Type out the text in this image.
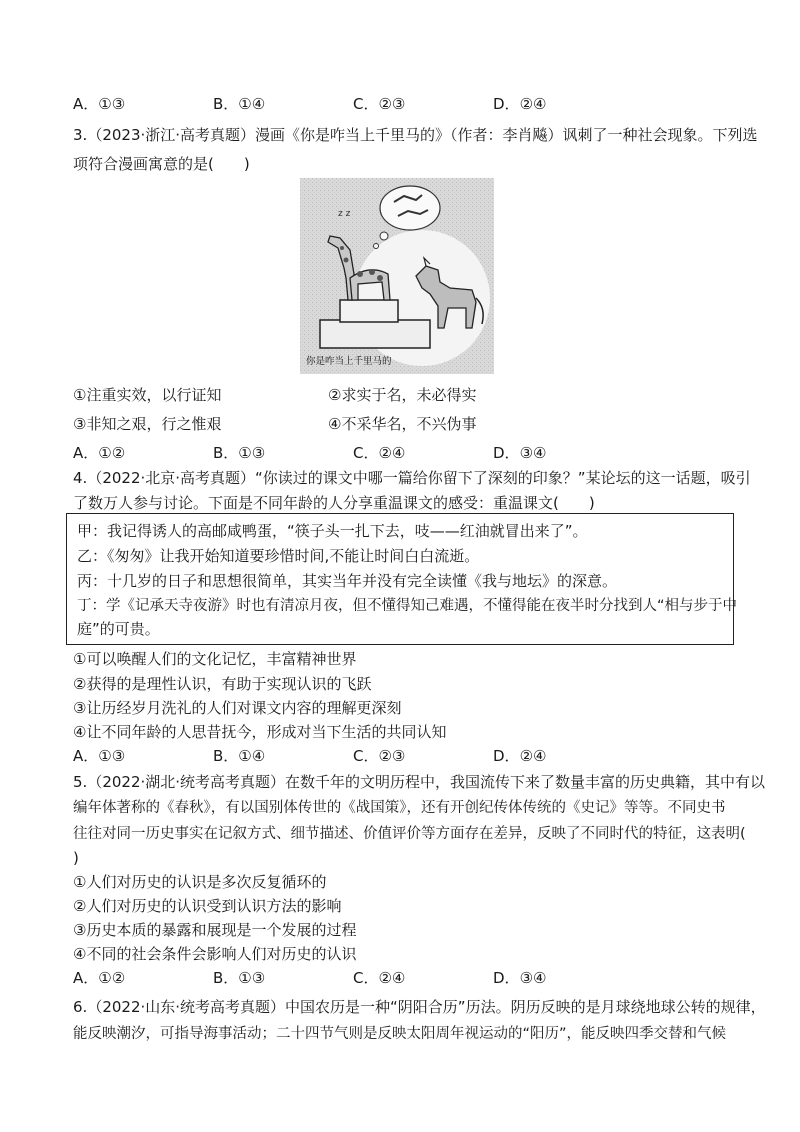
A．①③	B．①④	C．②③	D．②④
3.（2023·浙江·高考真题）漫画《你是咋当上千里马的》（作者：李肖飚）讽刺了一种社会现象。下列选
项符合漫画寓意的是(　　)
z z
你是咋当上千里马的
①注重实效，以行证知	②求实于名，未必得实
③非知之艰，行之惟艰	④不采华名，不兴伪事
A．①②	B．①③	C．②④	D．③④
4.（2022·北京·高考真题）“你读过的课文中哪一篇给你留下了深刻的印象？”某论坛的这一话题，吸引
了数万人参与讨论。下面是不同年龄的人分享重温课文的感受：重温课文(　　)
甲：我记得诱人的高邮咸鸭蛋，“筷子头一扎下去，吱——红油就冒出来了”。
乙：《匆匆》让我开始知道要珍惜时间,不能让时间白白流逝。
丙：十几岁的日子和思想很简单，其实当年并没有完全读懂《我与地坛》的深意。
丁：学《记承天寺夜游》时也有清凉月夜，但不懂得知己难遇，不懂得能在夜半时分找到人“相与步于中
庭”的可贵。
①可以唤醒人们的文化记忆，丰富精神世界
②获得的是理性认识，有助于实现认识的飞跃
③让历经岁月洗礼的人们对课文内容的理解更深刻
④让不同年龄的人思昔抚今，形成对当下生活的共同认知
A．①③	B．①④	C．②③	D．②④
5.（2022·湖北·统考高考真题）在数千年的文明历程中，我国流传下来了数量丰富的历史典籍，其中有以
编年体著称的《春秋》，有以国别体传世的《战国策》，还有开创纪传体传统的《史记》等等。不同史书
往往对同一历史事实在记叙方式、细节描述、价值评价等方面存在差异，反映了不同时代的特征，这表明(
)
①人们对历史的认识是多次反复循环的
②人们对历史的认识受到认识方法的影响
③历史本质的暴露和展现是一个发展的过程
④不同的社会条件会影响人们对历史的认识
A．①②	B．①③	C．②④	D．③④
6.（2022·山东·统考高考真题）中国农历是一种“阴阳合历”历法。阴历反映的是月球绕地球公转的规律，
能反映潮汐，可指导海事活动；二十四节气则是反映太阳周年视运动的“阳历”，能反映四季交替和气候
